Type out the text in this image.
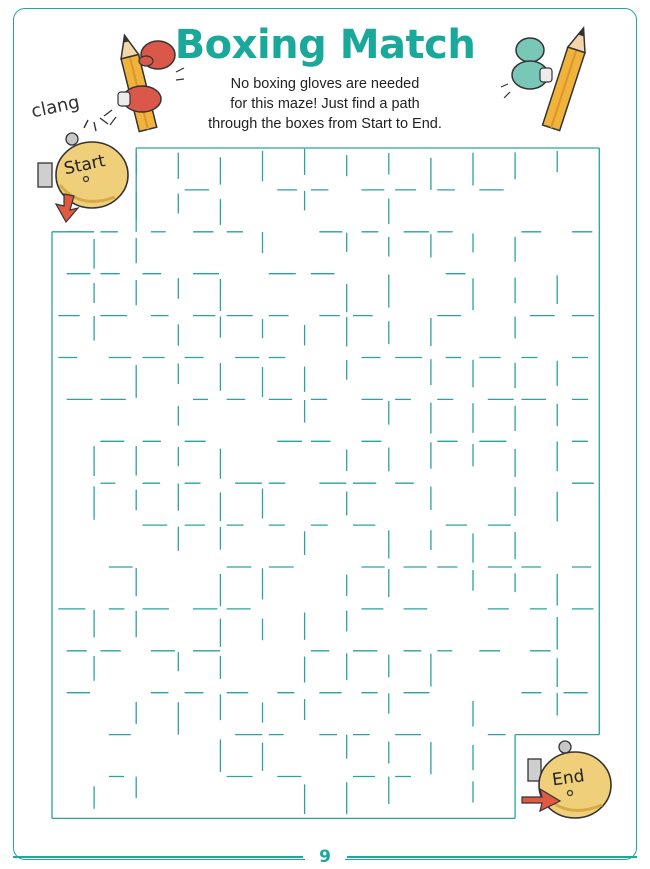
Boxing Match
No boxing gloves are needed
for this maze! Just find a path
through the boxes from Start to End.
clang
Start
End
9
